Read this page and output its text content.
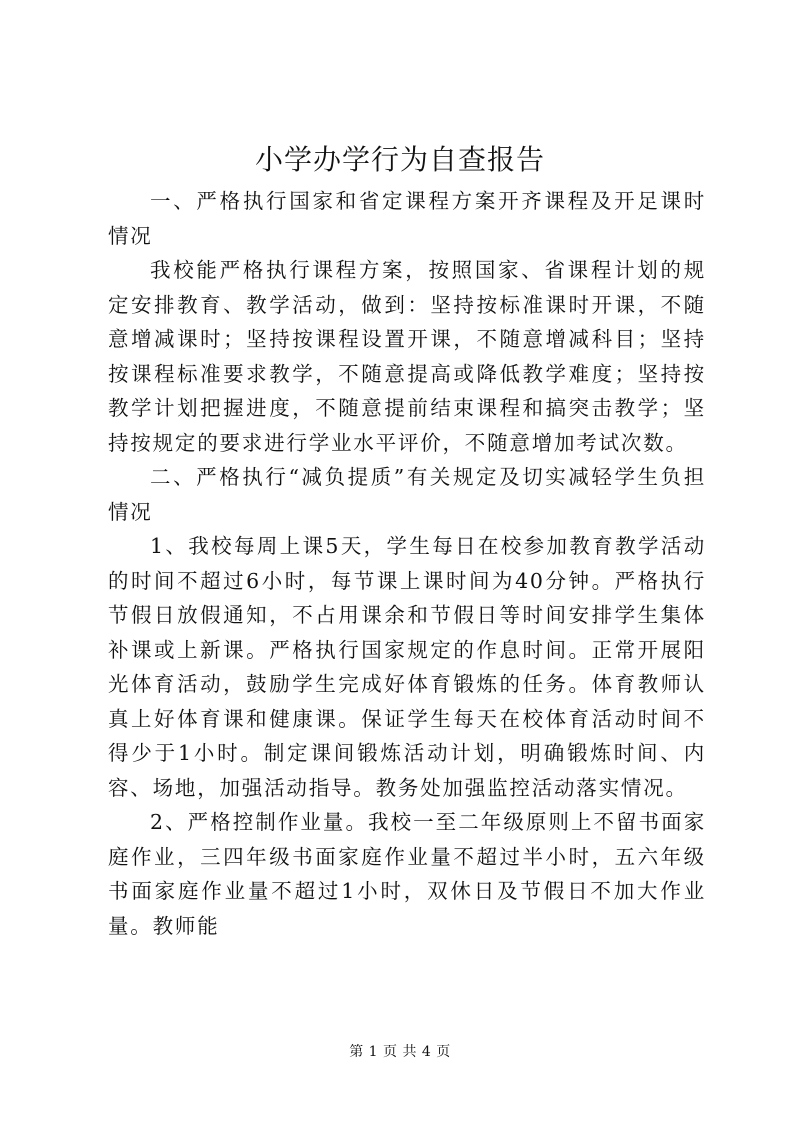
小学办学行为自查报告

一、严格执行国家和省定课程方案开齐课程及开足课时情况

我校能严格执行课程方案，按照国家、省课程计划的规定安排教育、教学活动，做到：坚持按标准课时开课，不随意增减课时；坚持按课程设置开课，不随意增减科目；坚持按课程标准要求教学，不随意提高或降低教学难度；坚持按教学计划把握进度，不随意提前结束课程和搞突击教学；坚持按规定的要求进行学业水平评价，不随意增加考试次数。

二、严格执行“减负提质”有关规定及切实减轻学生负担情况

1、我校每周上课5天，学生每日在校参加教育教学活动的时间不超过6小时，每节课上课时间为40分钟。严格执行节假日放假通知，不占用课余和节假日等时间安排学生集体补课或上新课。严格执行国家规定的作息时间。正常开展阳光体育活动，鼓励学生完成好体育锻炼的任务。体育教师认真上好体育课和健康课。保证学生每天在校体育活动时间不得少于1小时。制定课间锻炼活动计划，明确锻炼时间、内容、场地，加强活动指导。教务处加强监控活动落实情况。

2、严格控制作业量。我校一至二年级原则上不留书面家庭作业，三四年级书面家庭作业量不超过半小时，五六年级书面家庭作业量不超过1小时，双休日及节假日不加大作业量。教师能

第 1 页 共 4 页
